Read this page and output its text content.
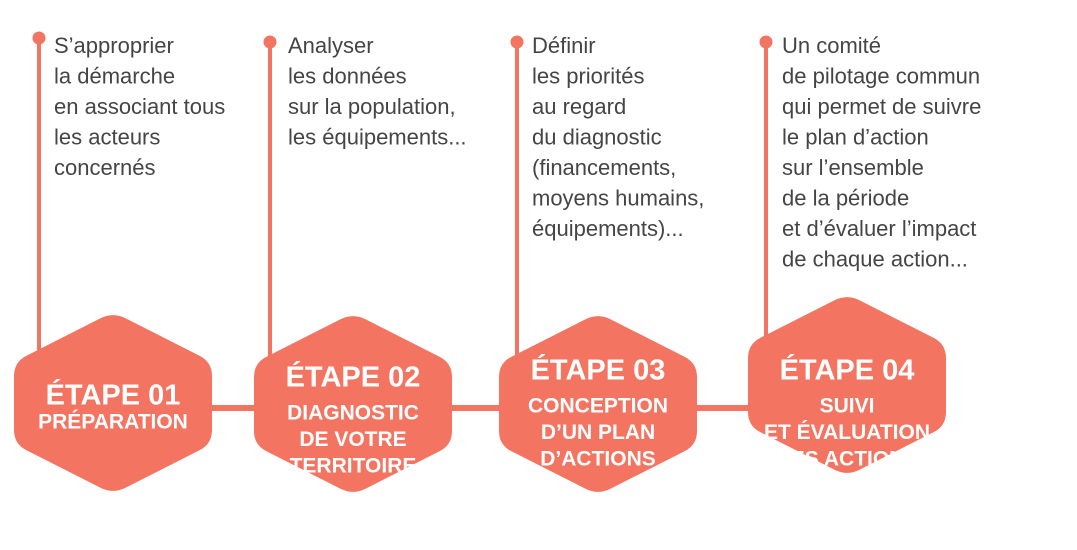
S’approprier
la démarche
en associant tous
les acteurs
concernés
ÉTAPE 01
PRÉPARATION
Analyser
les données
sur la population,
les équipements...
ÉTAPE 02
DIAGNOSTIC
DE VOTRE
TERRITOIRE
Définir
les priorités
au regard
du diagnostic
(financements,
moyens humains,
équipements)...
ÉTAPE 03
CONCEPTION
D’UN PLAN
D’ACTIONS
Un comité
de pilotage commun
qui permet de suivre
le plan d’action
sur l’ensemble
de la période
et d’évaluer l’impact
de chaque action...
ÉTAPE 04
SUIVI
ET ÉVALUATION
DES ACTIONS
